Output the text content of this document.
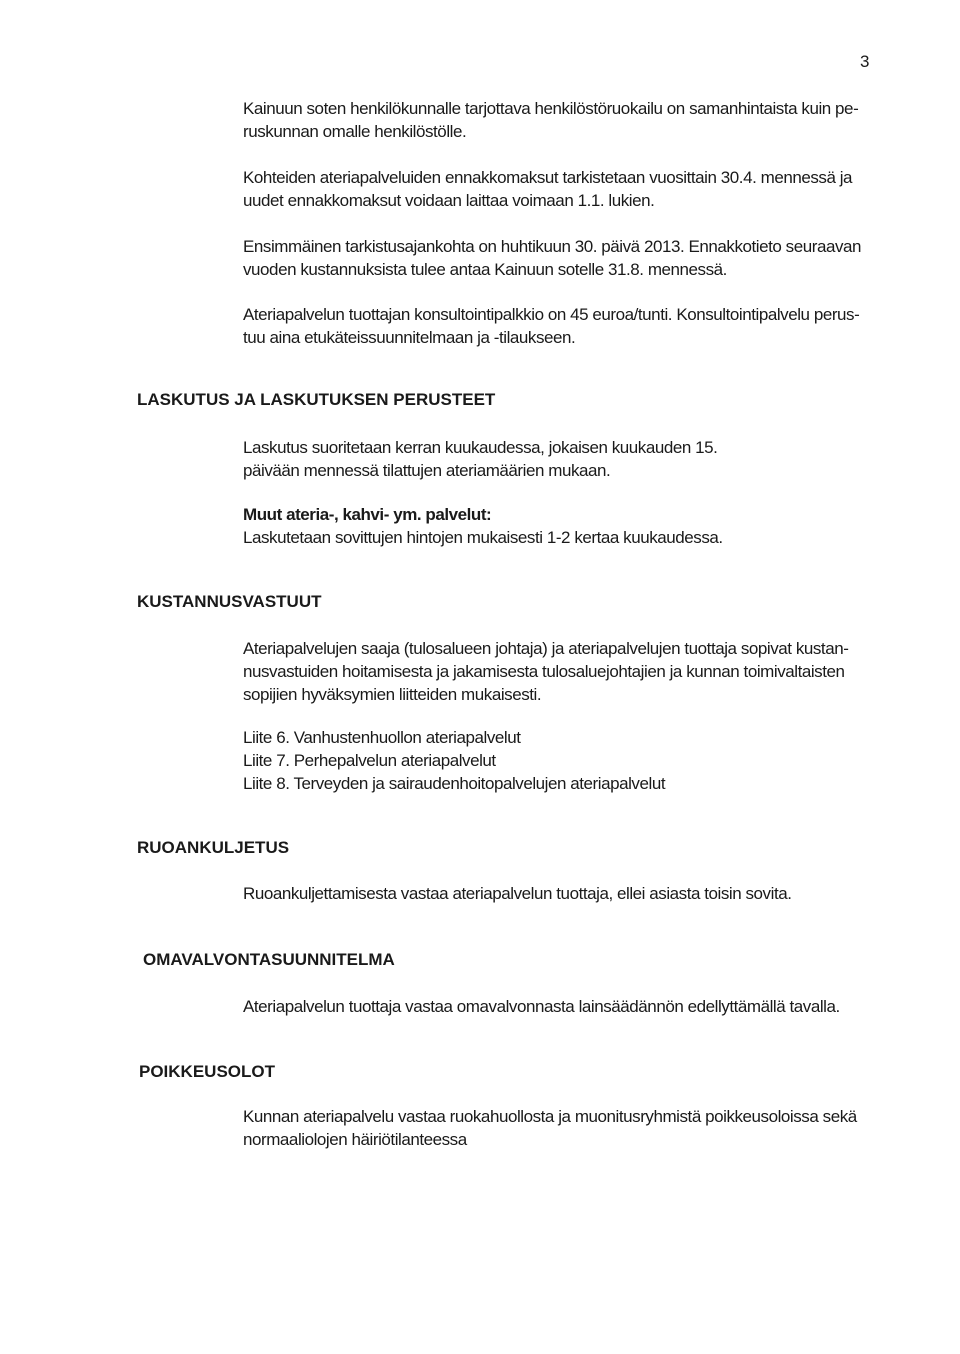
3

Kainuun soten henkilökunnalle tarjottava henkilöstöruokailu on samanhintaista kuin pe-
ruskunnan omalle henkilöstölle.

Kohteiden ateriapalveluiden ennakkomaksut tarkistetaan vuosittain 30.4. mennessä ja
uudet ennakkomaksut voidaan laittaa voimaan 1.1. lukien.

Ensimmäinen tarkistusajankohta on huhtikuun 30. päivä 2013. Ennakkotieto seuraavan
vuoden kustannuksista tulee antaa Kainuun sotelle 31.8. mennessä.

Ateriapalvelun tuottajan konsultointipalkkio on 45 euroa/tunti. Konsultointipalvelu perus-
tuu aina etukäteissuunnitelmaan ja -tilaukseen.

LASKUTUS JA LASKUTUKSEN PERUSTEET

Laskutus suoritetaan kerran kuukaudessa, jokaisen kuukauden 15.
päivään mennessä tilattujen ateriamäärien mukaan.

Muut ateria-, kahvi- ym. palvelut:
Laskutetaan sovittujen hintojen mukaisesti 1-2 kertaa kuukaudessa.

KUSTANNUSVASTUUT

Ateriapalvelujen saaja (tulosalueen johtaja) ja ateriapalvelujen tuottaja sopivat kustan-
nusvastuiden hoitamisesta ja jakamisesta tulosaluejohtajien ja kunnan toimivaltaisten
sopijien hyväksymien liitteiden mukaisesti.

Liite 6. Vanhustenhuollon ateriapalvelut
Liite 7. Perhepalvelun ateriapalvelut
Liite 8. Terveyden ja sairaudenhoitopalvelujen ateriapalvelut

RUOANKULJETUS

Ruoankuljettamisesta vastaa ateriapalvelun tuottaja, ellei asiasta toisin sovita.

OMAVALVONTASUUNNITELMA

Ateriapalvelun tuottaja vastaa omavalvonnasta lainsäädännön edellyttämällä tavalla.

POIKKEUSOLOT

Kunnan ateriapalvelu vastaa ruokahuollosta ja muonitusryhmistä poikkeusoloissa sekä
normaaliolojen häiriötilanteessa
